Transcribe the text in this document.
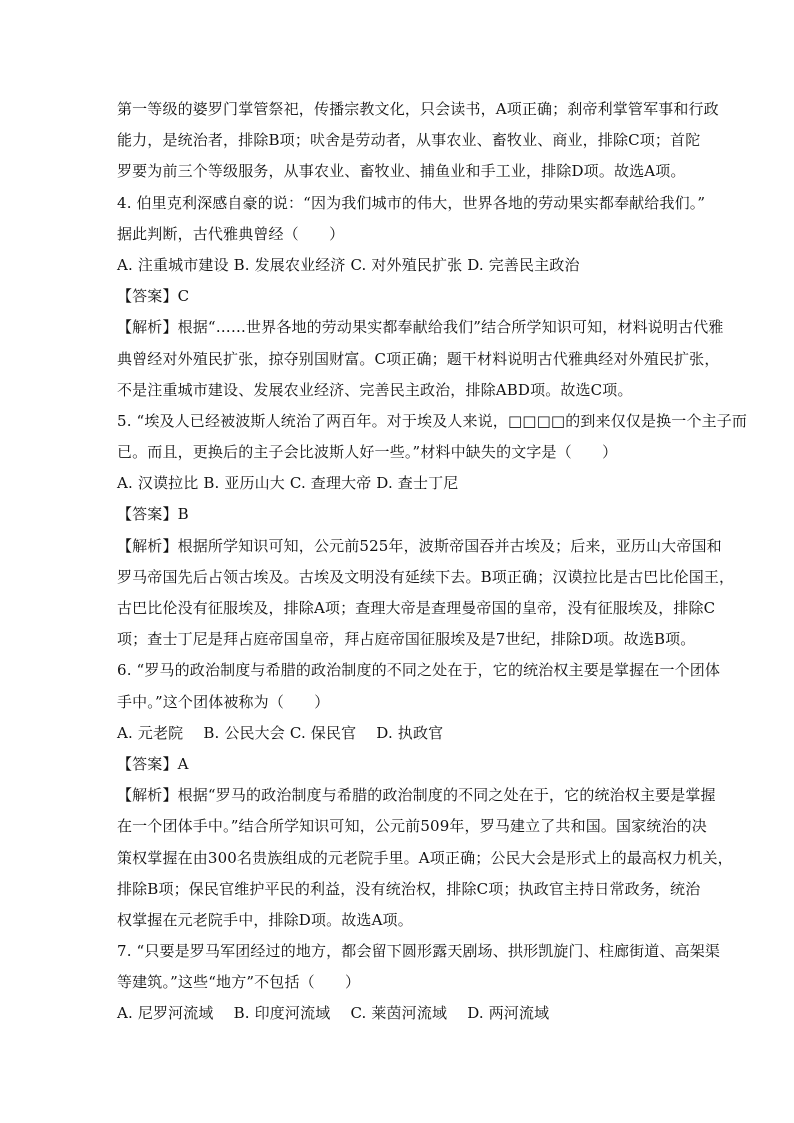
第一等级的婆罗门掌管祭祀，传播宗教文化，只会读书，A项正确；刹帝利掌管军事和行政
能力，是统治者，排除B项；吠舍是劳动者，从事农业、畜牧业、商业，排除C项；首陀
罗要为前三个等级服务，从事农业、畜牧业、捕鱼业和手工业，排除D项。故选A项。
4. 伯里克利深感自豪的说：“因为我们城市的伟大，世界各地的劳动果实都奉献给我们。”
据此判断，古代雅典曾经（　　）
A. 注重城市建设 B. 发展农业经济 C. 对外殖民扩张 D. 完善民主政治
【答案】C
【解析】根据“……世界各地的劳动果实都奉献给我们”结合所学知识可知，材料说明古代雅
典曾经对外殖民扩张，掠夺别国财富。C项正确；题干材料说明古代雅典经对外殖民扩张，
不是注重城市建设、发展农业经济、完善民主政治，排除ABD项。故选C项。
5. “埃及人已经被波斯人统治了两百年。对于埃及人来说，□□□□的到来仅仅是换一个主子而
已。而且，更换后的主子会比波斯人好一些。”材料中缺失的文字是（　　）
A. 汉谟拉比 B. 亚历山大 C. 查理大帝 D. 查士丁尼
【答案】B
【解析】根据所学知识可知，公元前525年，波斯帝国吞并古埃及；后来，亚历山大帝国和
罗马帝国先后占领古埃及。古埃及文明没有延续下去。B项正确；汉谟拉比是古巴比伦国王，
古巴比伦没有征服埃及，排除A项；查理大帝是查理曼帝国的皇帝，没有征服埃及，排除C
项；查士丁尼是拜占庭帝国皇帝，拜占庭帝国征服埃及是7世纪，排除D项。故选B项。
6. “罗马的政治制度与希腊的政治制度的不同之处在于，它的统治权主要是掌握在一个团体
手中。”这个团体被称为（　　）
A. 元老院　 B. 公民大会 C. 保民官　 D. 执政官
【答案】A
【解析】根据“罗马的政治制度与希腊的政治制度的不同之处在于，它的统治权主要是掌握
在一个团体手中。”结合所学知识可知，公元前509年，罗马建立了共和国。国家统治的决
策权掌握在由300名贵族组成的元老院手里。A项正确；公民大会是形式上的最高权力机关，
排除B项；保民官维护平民的利益，没有统治权，排除C项；执政官主持日常政务，统治
权掌握在元老院手中，排除D项。故选A项。
7. “只要是罗马军团经过的地方，都会留下圆形露天剧场、拱形凯旋门、柱廊街道、高架渠
等建筑。”这些“地方”不包括（　　）
A. 尼罗河流域　 B. 印度河流域　 C. 莱茵河流域　 D. 两河流域
